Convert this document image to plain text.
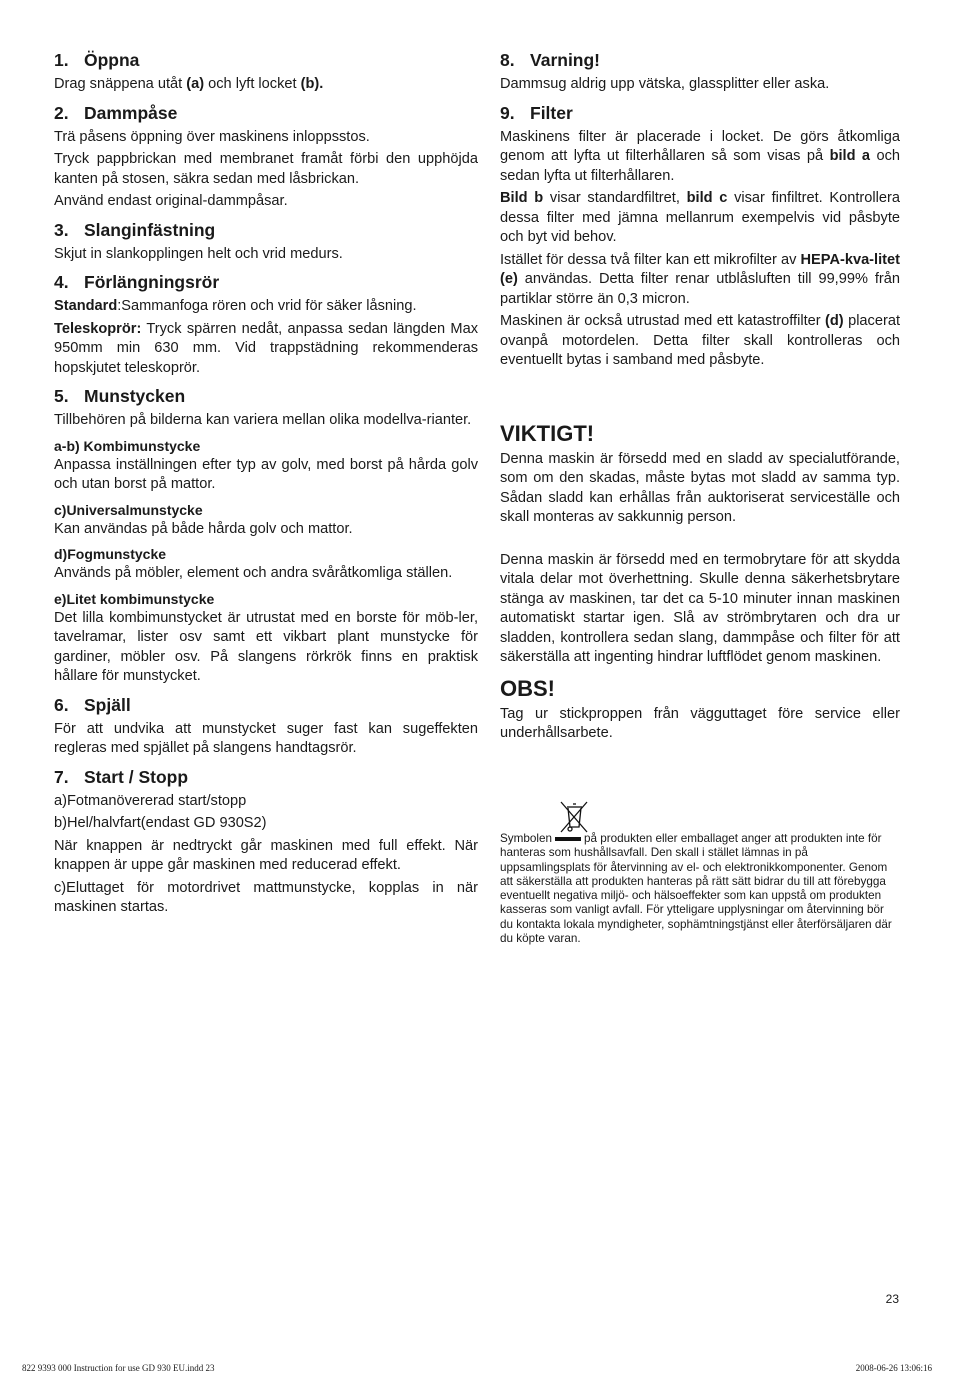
1. Öppna

Drag snäppena utåt (a) och lyft locket (b).

2. Dammpåse

Trä påsens öppning över maskinens inloppsstos.

Tryck pappbrickan med membranet framåt förbi den upphöjda kanten på stosen, säkra sedan med låsbrickan.

Använd endast original-dammpåsar.

3. Slanginfästning

Skjut in slankopplingen helt och vrid medurs.

4. Förlängningsrör

Standard:Sammanfoga rören och vrid för säker låsning.

Teleskoprör: Tryck spärren nedåt, anpassa sedan längden Max 950mm min 630 mm. Vid trappstädning rekommenderas hopskjutet teleskoprör.

5. Munstycken

Tillbehören på bilderna kan variera mellan olika modellva-rianter.

a-b) Kombimunstycke

Anpassa inställningen efter typ av golv, med borst på hårda golv och utan borst på mattor.

c)Universalmunstycke

Kan användas på både hårda golv och mattor.

d)Fogmunstycke

Används på möbler, element och andra svåråtkomliga ställen.

e)Litet kombimunstycke

Det lilla kombimunstycket är utrustat med en borste för möb-ler, tavelramar, lister osv samt ett vikbart plant munstycke för gardiner, möbler osv. På slangens rörkrök finns en praktisk hållare för munstycket.

6. Spjäll

För att undvika att munstycket suger fast kan sugeffekten regleras med spjället på slangens handtagsrör.

7. Start / Stopp

a)Fotmanövererad start/stopp

b)Hel/halvfart(endast GD 930S2)

När knappen är nedtryckt går maskinen med full effekt. När knappen är uppe går maskinen med reducerad effekt.

c)Eluttaget för motordrivet mattmunstycke, kopplas in när maskinen startas.

8. Varning!

Dammsug aldrig upp vätska, glassplitter eller aska.

9. Filter

Maskinens filter är placerade i locket. De görs åtkomliga genom att lyfta ut filterhållaren så som visas på bild a och sedan lyfta ut filterhållaren.

Bild b visar standardfiltret, bild c visar finfiltret. Kontrollera dessa filter med jämna mellanrum exempelvis vid påsbyte och byt vid behov.

Istället för dessa två filter kan ett mikrofilter av HEPA-kva-litet (e) användas. Detta filter renar utblåsluften till 99,99% från partiklar större än 0,3 micron.

Maskinen är också utrustad med ett katastroffilter (d) placerat ovanpå motordelen. Detta filter skall kontrolleras och eventuellt bytas i samband med påsbyte.

VIKTIGT!

Denna maskin är försedd med en sladd av specialutförande, som om den skadas, måste bytas mot sladd av samma typ. Sådan sladd kan erhållas från auktoriserat serviceställe och skall monteras av sakkunnig person.

Denna maskin är försedd med en termobrytare för att skydda vitala delar mot överhettning. Skulle denna säkerhetsbrytare stänga av maskinen, tar det ca 5-10 minuter innan maskinen automatiskt startar igen. Slå av strömbrytaren och dra ur sladden, kontrollera sedan slang, dammpåse och filter för att säkerställa att ingenting hindrar luftflödet genom maskinen.

OBS!

Tag ur stickproppen från vägguttaget före service eller underhållsarbete.

Symbolen	på produkten eller emballaget anger att produkten inte för hanteras som hushållsavfall. Den skall i stället lämnas in på uppsamlingsplats för återvinning av el- och elektronikkomponenter. Genom att säkerställa att produkten hanteras på rätt sätt bidrar du till att förebygga eventuellt negativa miljö- och hälsoeffekter som kan uppstå om produkten kasseras som vanligt avfall. För ytteligare upplysningar om återvinning bör du kontakta lokala myndigheter, sophämtningstjänst eller återförsäljaren där du köpte varan.

23
822 9393 000 Instruction for use GD 930 EU.indd 23	2008-06-26 13:06:16
